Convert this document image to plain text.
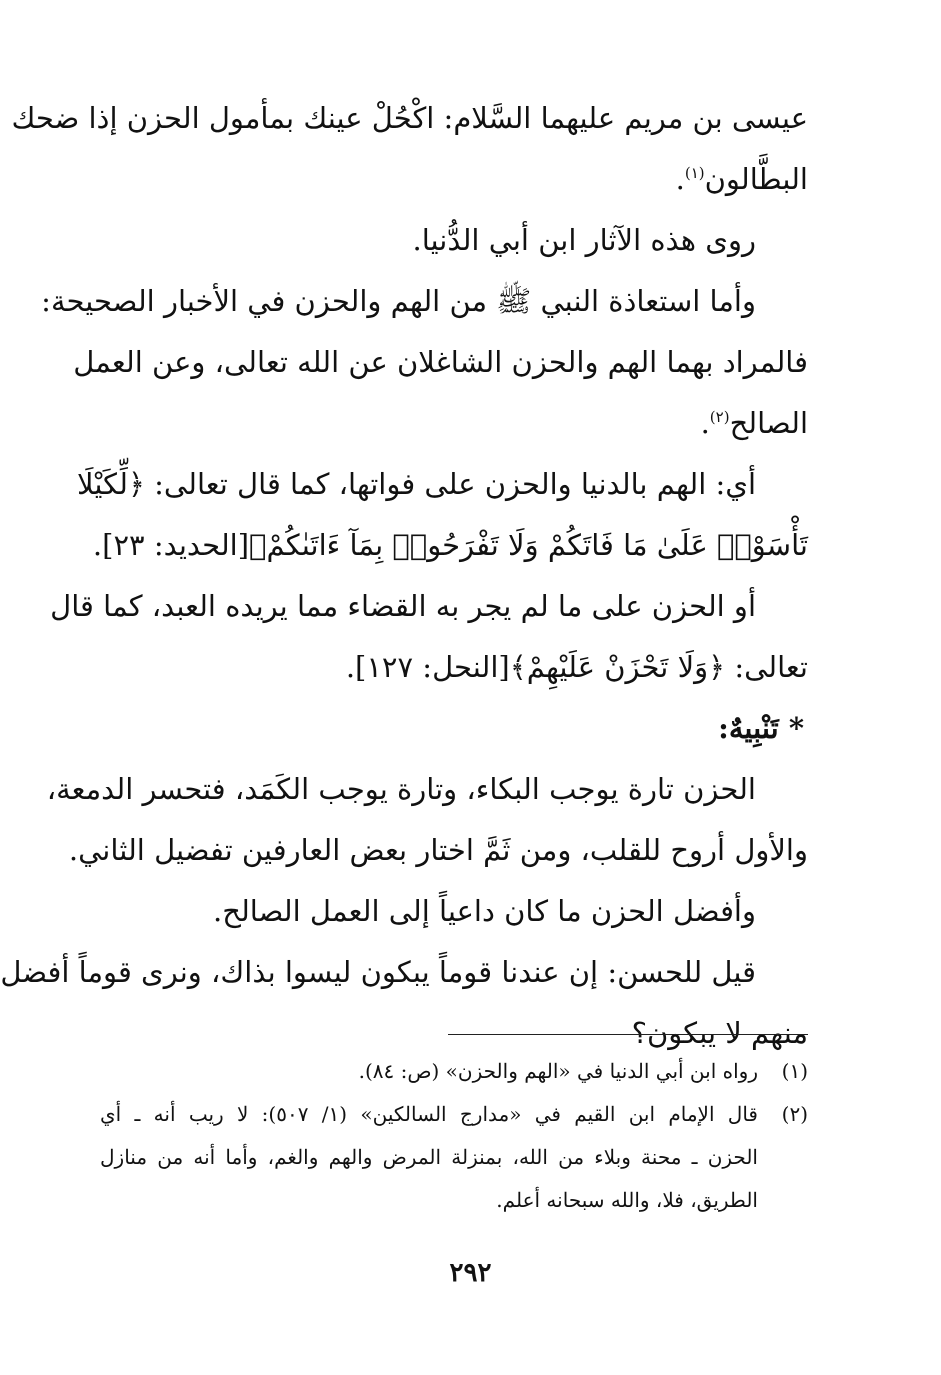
عيسى بن مريم عليهما السَّلام: اكْحُلْ عينك بمأمول الحزن إذا ضحك
البطَّالون$^{(١)}$.
روى هذه الآثار ابن أبي الدُّنيا.
وأما استعاذة النبي ﷺ من الهم والحزن في الأخبار الصحيحة:
فالمراد بهما الهم والحزن الشاغلان عن الله تعالى، وعن العمل
الصالح$^{(٢)}$.
أي: الهم بالدنيا والحزن على فواتها، كما قال تعالى: ﴿لِّكَيْلَا
تَأْسَوْا۟ عَلَىٰ مَا فَاتَكُمْ وَلَا تَفْرَحُوا۟ بِمَآ ءَاتَىٰكُمْ﴾[الحديد: ٢٣].
أو الحزن على ما لم يجر به القضاء مما يريده العبد، كما قال
تعالى: ﴿وَلَا تَحْزَنْ عَلَيْهِمْ﴾[النحل: ١٢٧].
* تَنْبِيهٌ:
الحزن تارة يوجب البكاء، وتارة يوجب الكَمَد، فتحسر الدمعة،
والأول أروح للقلب، ومن ثَمَّ اختار بعض العارفين تفضيل الثاني.
وأفضل الحزن ما كان داعياً إلى العمل الصالح.
قيل للحسن: إن عندنا قوماً يبكون ليسوا بذاك، ونرى قوماً أفضل
منهم لا يبكون؟
(١)رواه ابن أبي الدنيا في «الهم والحزن» (ص: ٨٤).
(٢)قال الإمام ابن القيم في «مدارج السالكين» (١/ ٥٠٧): لا ريب أنه ـ أي
الحزن ـ محنة وبلاء من الله، بمنزلة المرض والهم والغم، وأما أنه من منازل
الطريق، فلا، والله سبحانه أعلم.
٢٩٢
